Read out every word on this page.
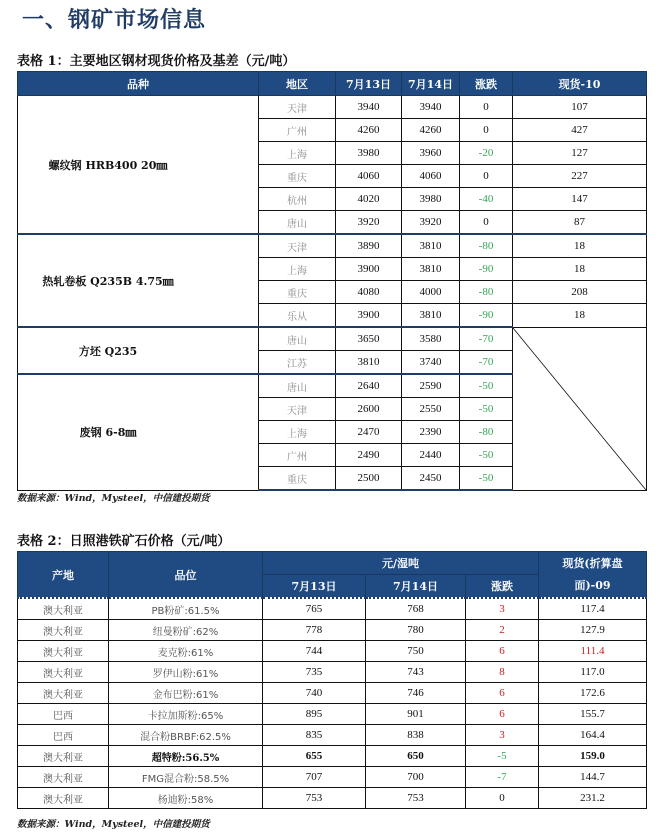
一、钢矿市场信息
表格 1：主要地区钢材现货价格及基差（元/吨）
品种	地区	7月13日	7月14日	涨跌	现货-10
螺纹钢 HRB400 20㎜	天津	3940	3940	0	107
	广州	4260	4260	0	427
	上海	3980	3960	-20	127
	重庆	4060	4060	0	227
	杭州	4020	3980	-40	147
	唐山	3920	3920	0	87
热轧卷板 Q235B 4.75㎜	天津	3890	3810	-80	18
	上海	3900	3810	-90	18
	重庆	4080	4000	-80	208
	乐从	3900	3810	-90	18
方坯 Q235	唐山	3650	3580	-70	

	江苏	3810	3740	-70	
废钢 6-8㎜	唐山	2640	2590	-50	
	天津	2600	2550	-50	
	上海	2470	2390	-80	
	广州	2490	2440	-50	
	重庆	2500	2450	-50	
数据来源：Wind，Mysteel，中信建投期货
表格 2：日照港铁矿石价格（元/吨）
产地	品位	元/湿吨			现货(折算盘面)-09
		7月13日	7月14日	涨跌	
澳大利亚	PB粉矿:61.5%	765	768	3	117.4
澳大利亚	纽曼粉矿:62%	778	780	2	127.9
澳大利亚	麦克粉:61%	744	750	6	111.4
澳大利亚	罗伊山粉:61%	735	743	8	117.0
澳大利亚	金布巴粉:61%	740	746	6	172.6
巴西	卡拉加斯粉:65%	895	901	6	155.7
巴西	混合粉BRBF:62.5%	835	838	3	164.4
澳大利亚	超特粉:56.5%	655	650	-5	159.0
澳大利亚	FMG混合粉:58.5%	707	700	-7	144.7
澳大利亚	杨迪粉:58%	753	753	0	231.2
数据来源：Wind，Mysteel，中信建投期货
